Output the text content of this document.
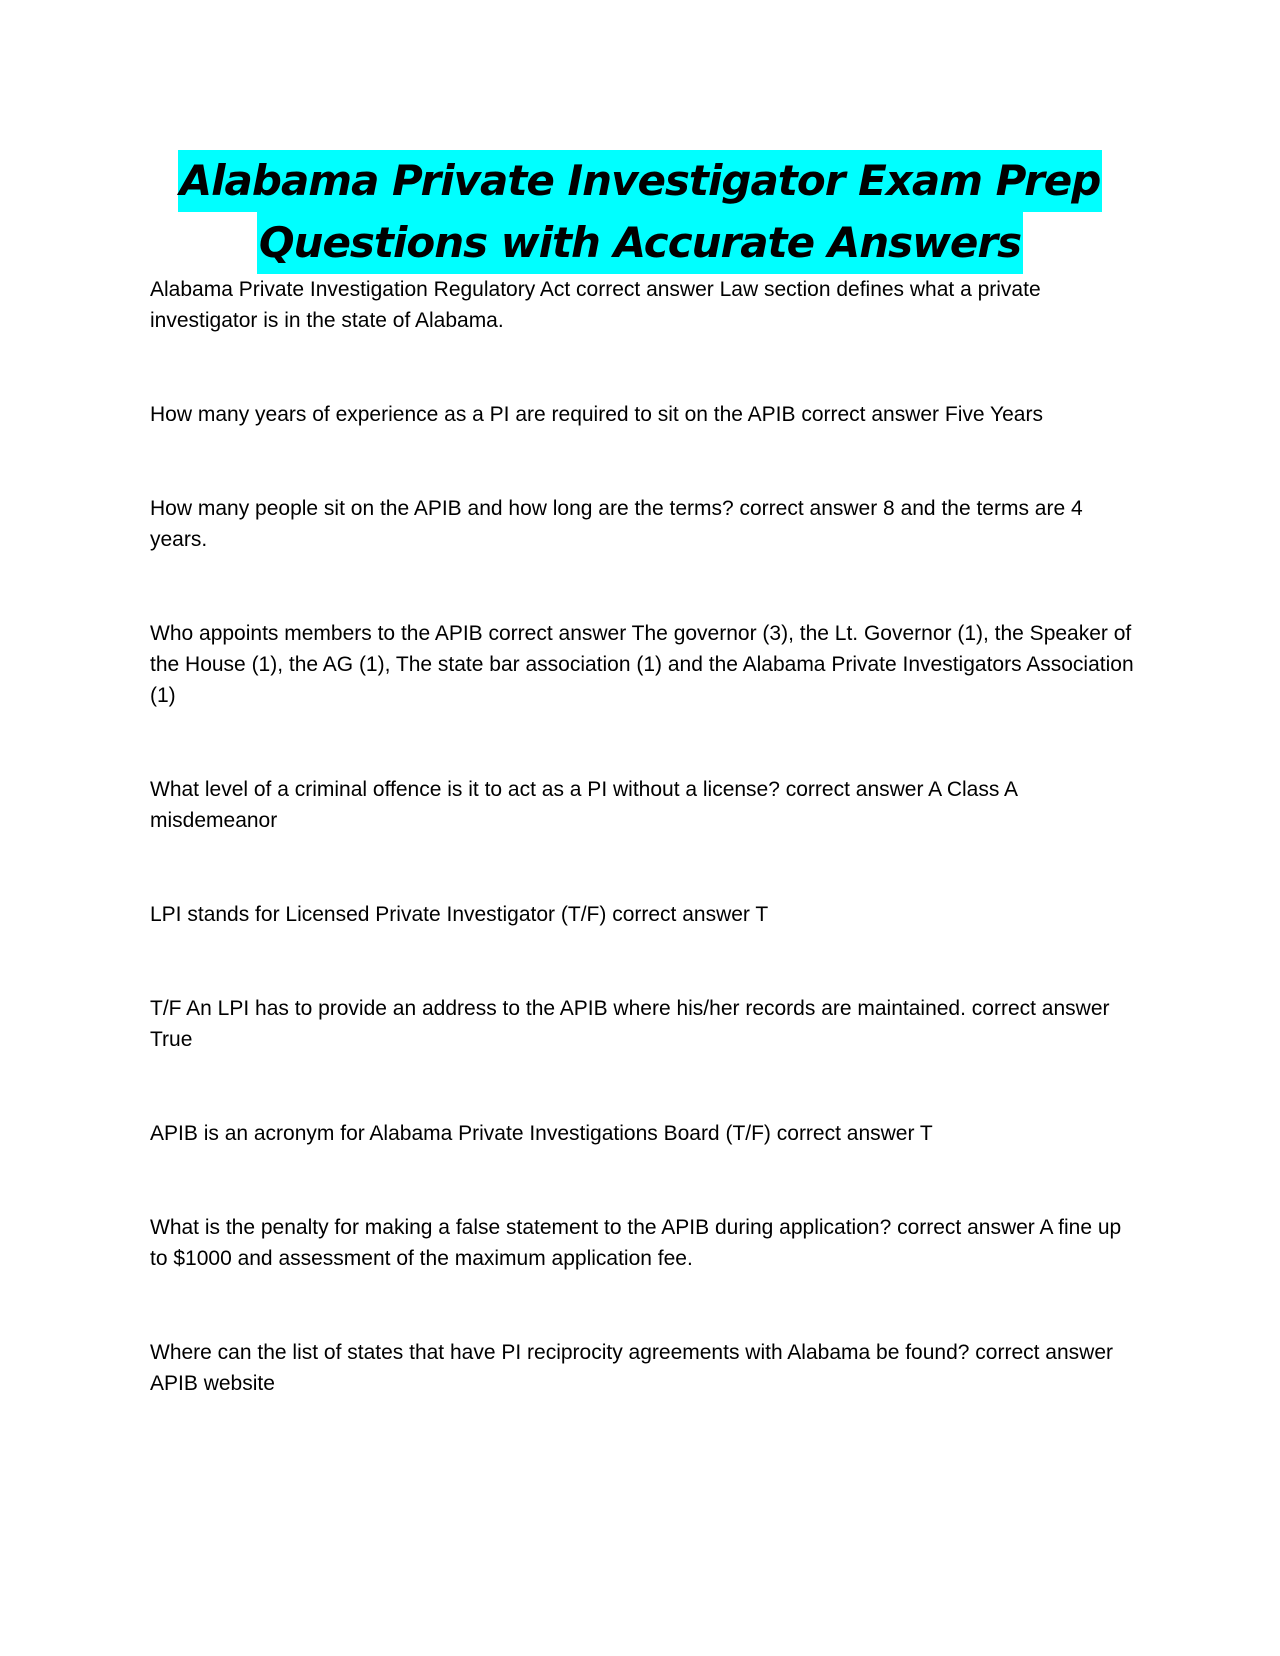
Alabama Private Investigator Exam Prep
Questions with Accurate Answers

Alabama Private Investigation Regulatory Act correct answer Law section defines what a private investigator is in the state of Alabama.

How many years of experience as a PI are required to sit on the APIB correct answer Five Years

How many people sit on the APIB and how long are the terms? correct answer 8 and the terms are 4 years.

Who appoints members to the APIB correct answer The governor (3), the Lt. Governor (1), the Speaker of the House (1), the AG (1), The state bar association (1) and the Alabama Private Investigators Association (1)

What level of a criminal offence is it to act as a PI without a license? correct answer A Class A misdemeanor

LPI stands for Licensed Private Investigator (T/F) correct answer T

T/F An LPI has to provide an address to the APIB where his/her records are maintained. correct answer True

APIB is an acronym for Alabama Private Investigations Board (T/F) correct answer T

What is the penalty for making a false statement to the APIB during application? correct answer A fine up to $1000 and assessment of the maximum application fee.

Where can the list of states that have PI reciprocity agreements with Alabama be found? correct answer APIB website
